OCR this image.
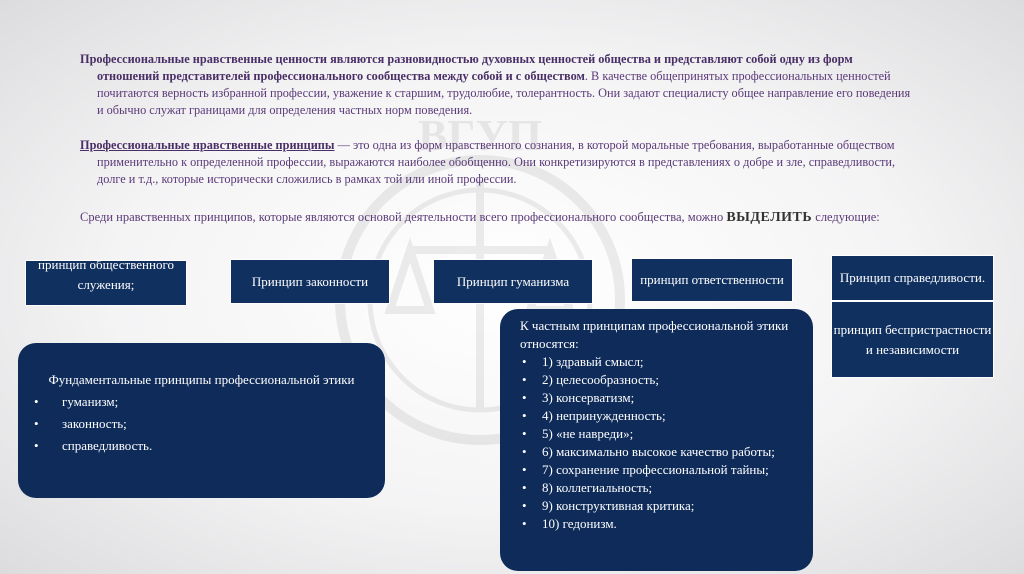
ВГУП

Профессиональные нравственные ценности являются разновидностью духовных ценностей общества и представляют собой одну из форм
отношений представителей профессионального сообщества между собой и с обществом. В качестве общепринятых профессиональных ценностей
почитаются верность избранной профессии, уважение к старшим, трудолюбие, толерантность. Они задают специалисту общее направление его поведения
и обычно служат границами для определения частных норм поведения.

Профессиональные нравственные принципы — это одна из форм нравственного сознания, в которой моральные требования, выработанные обществом
применительно к определенной профессии, выражаются наиболее обобщенно. Они конкретизируются в представлениях о добре и зле, справедливости,
долге и т.д., которые исторически сложились в рамках той или иной профессии.

Среди нравственных принципов, которые являются основой деятельности всего профессионального сообщества, можно ВЫДЕЛИТЬ следующие:

принцип общественного служения;	Принцип законности	Принцип гуманизма	принцип ответственности	Принцип справедливости.
принцип беспристрастности и независимости
Фундаментальные принципы профессиональной этики
• гуманизм;
• законность;
• справедливость.
К частным принципам профессиональной этики относятся:
• 1) здравый смысл;
• 2) целесообразность;
• 3) консерватизм;
• 4) непринужденность;
• 5) «не навреди»;
• 6) максимально высокое качество работы;
• 7) сохранение профессиональной тайны;
• 8) коллегиальность;
• 9) конструктивная критика;
• 10) гедонизм.
